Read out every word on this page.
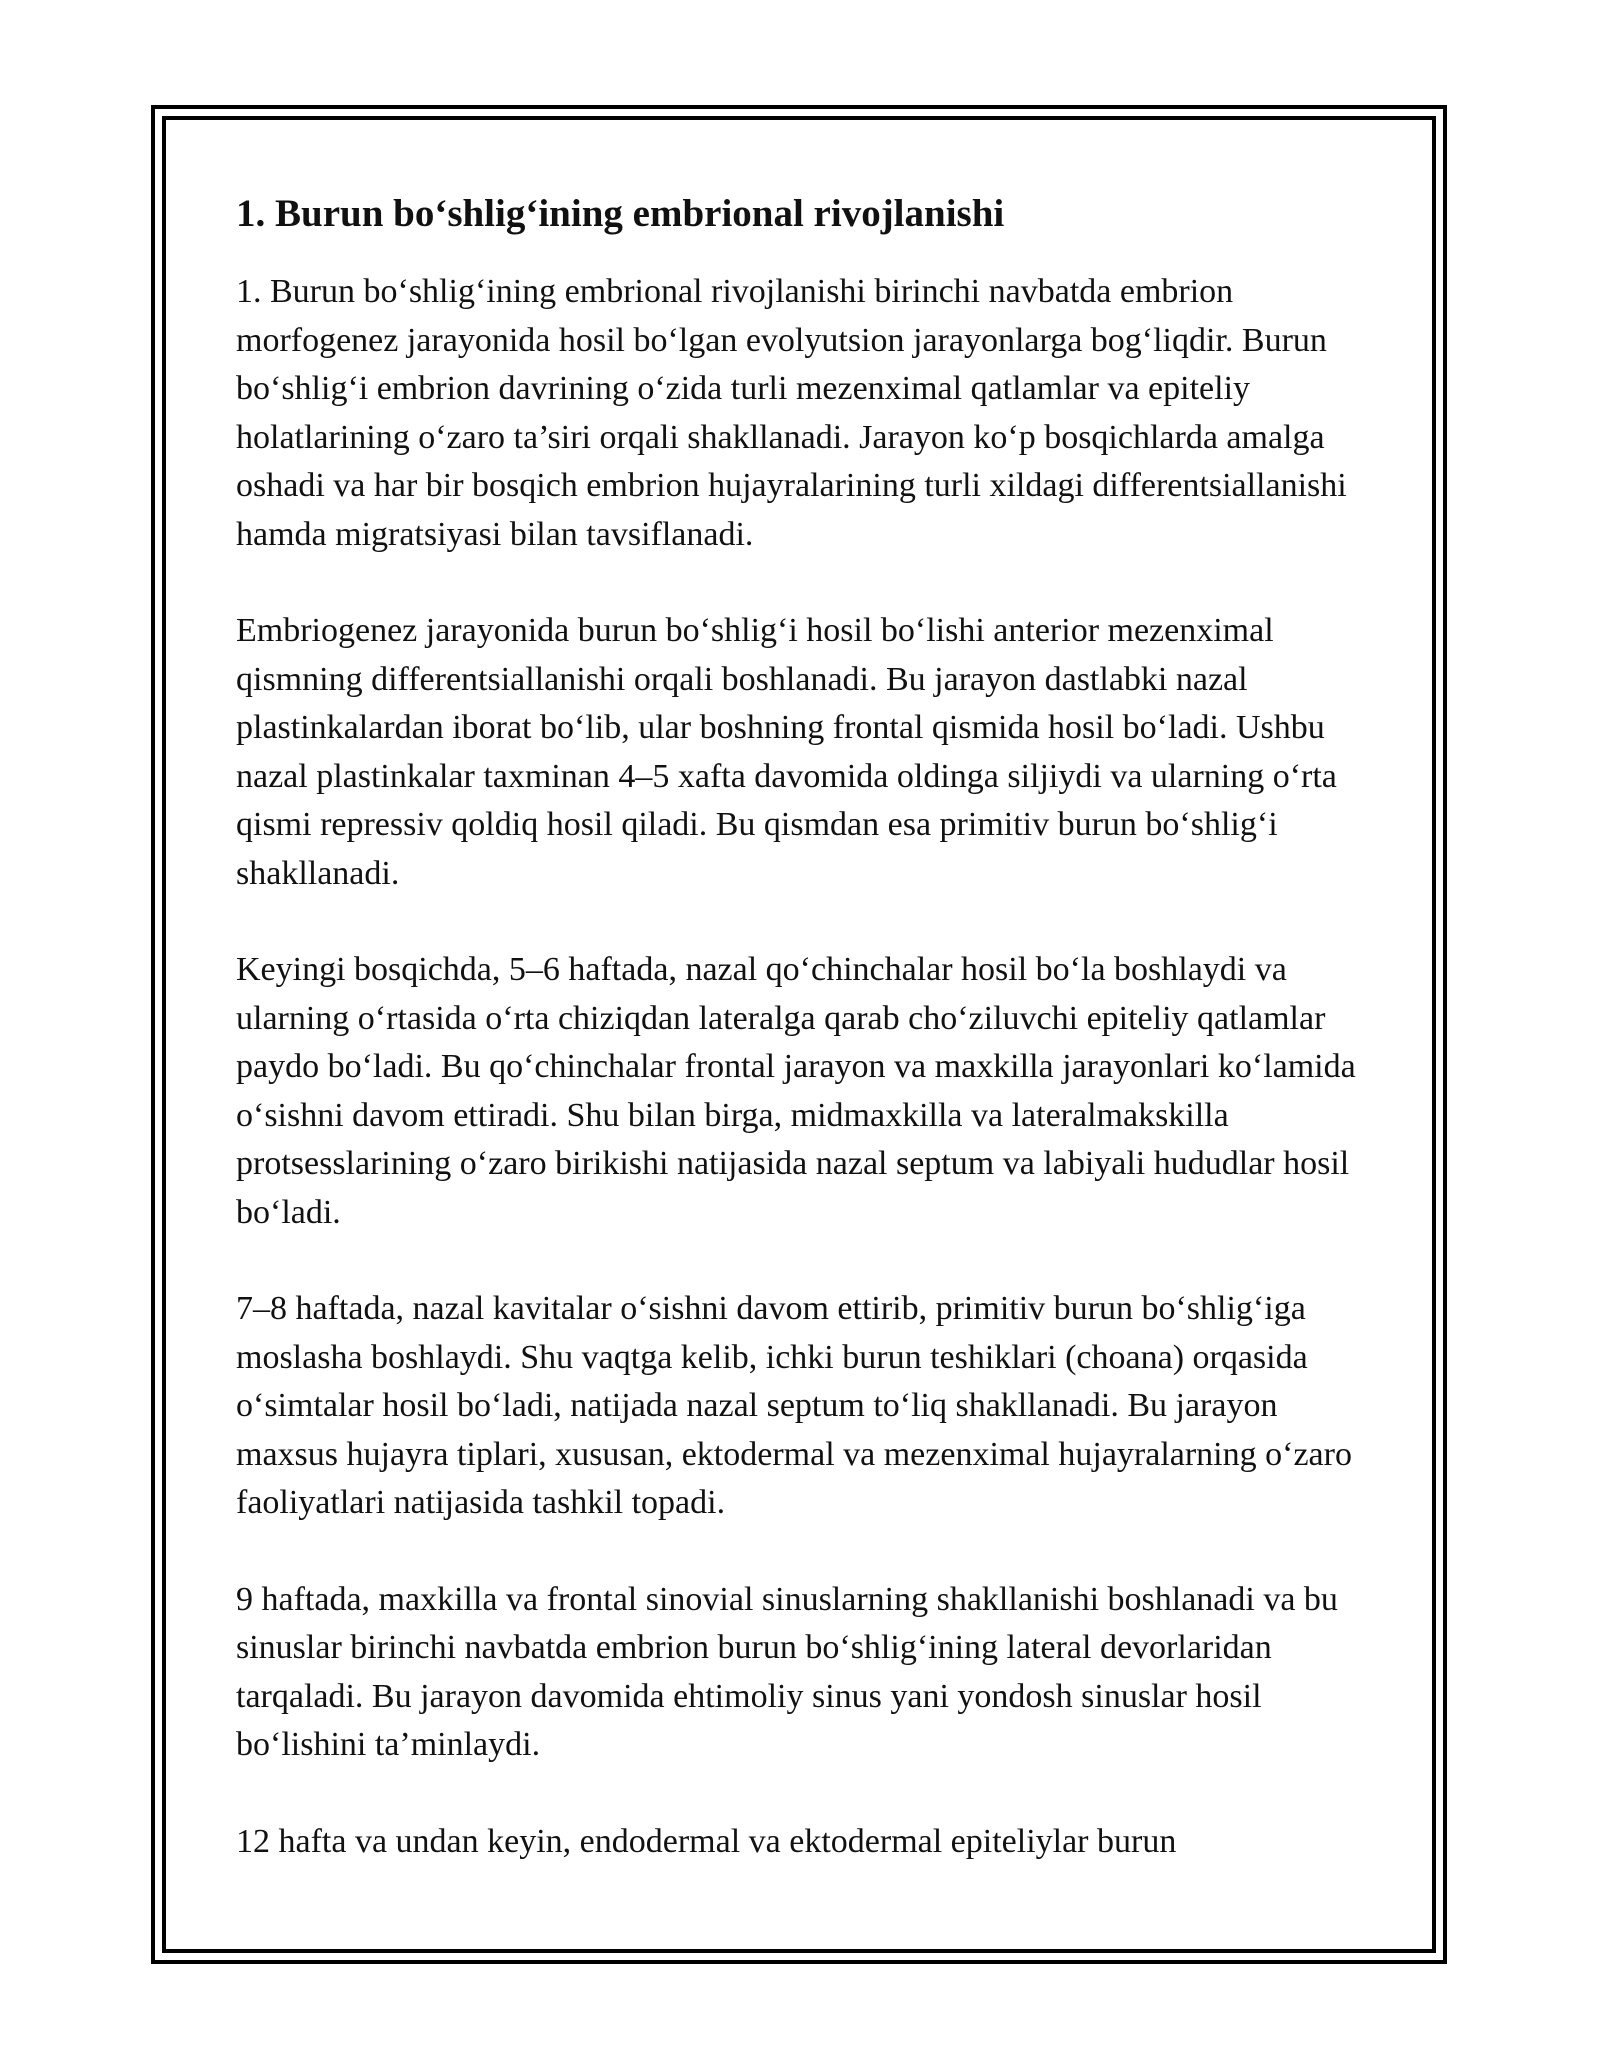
1. Burun bo‘shlig‘ining embrional rivojlanishi

1. Burun bo‘shlig‘ining embrional rivojlanishi birinchi navbatda embrion morfogenez jarayonida hosil bo‘lgan evolyutsion jarayonlarga bog‘liqdir. Burun bo‘shlig‘i embrion davrining o‘zida turli mezenximal qatlamlar va epiteliy holatlarining o‘zaro ta’siri orqali shakllanadi. Jarayon ko‘p bosqichlarda amalga oshadi va har bir bosqich embrion hujayralarining turli xildagi differentsiallanishi hamda migratsiyasi bilan tavsiflanadi.

Embriogenez jarayonida burun bo‘shlig‘i hosil bo‘lishi anterior mezenximal qismning differentsiallanishi orqali boshlanadi. Bu jarayon dastlabki nazal plastinkalardan iborat bo‘lib, ular boshning frontal qismida hosil bo‘ladi. Ushbu nazal plastinkalar taxminan 4–5 xafta davomida oldinga siljiydi va ularning o‘rta qismi repressiv qoldiq hosil qiladi. Bu qismdan esa primitiv burun bo‘shlig‘i shakllanadi.

Keyingi bosqichda, 5–6 haftada, nazal qo‘chinchalar hosil bo‘la boshlaydi va ularning o‘rtasida o‘rta chiziqdan lateralga qarab cho‘ziluvchi epiteliy qatlamlar paydo bo‘ladi. Bu qo‘chinchalar frontal jarayon va maxkilla jarayonlari ko‘lamida o‘sishni davom ettiradi. Shu bilan birga, midmaxkilla va lateralmakskilla protsesslarining o‘zaro birikishi natijasida nazal septum va labiyali hududlar hosil bo‘ladi.

7–8 haftada, nazal kavitalar o‘sishni davom ettirib, primitiv burun bo‘shlig‘iga moslasha boshlaydi. Shu vaqtga kelib, ichki burun teshiklari (choana) orqasida o‘simtalar hosil bo‘ladi, natijada nazal septum to‘liq shakllanadi. Bu jarayon maxsus hujayra tiplari, xususan, ektodermal va mezenximal hujayralarning o‘zaro faoliyatlari natijasida tashkil topadi.

9 haftada, maxkilla va frontal sinovial sinuslarning shakllanishi boshlanadi va bu sinuslar birinchi navbatda embrion burun bo‘shlig‘ining lateral devorlaridan tarqaladi. Bu jarayon davomida ehtimoliy sinus yani yondosh sinuslar hosil bo‘lishini ta’minlaydi.

12 hafta va undan keyin, endodermal va ektodermal epiteliylar burun
